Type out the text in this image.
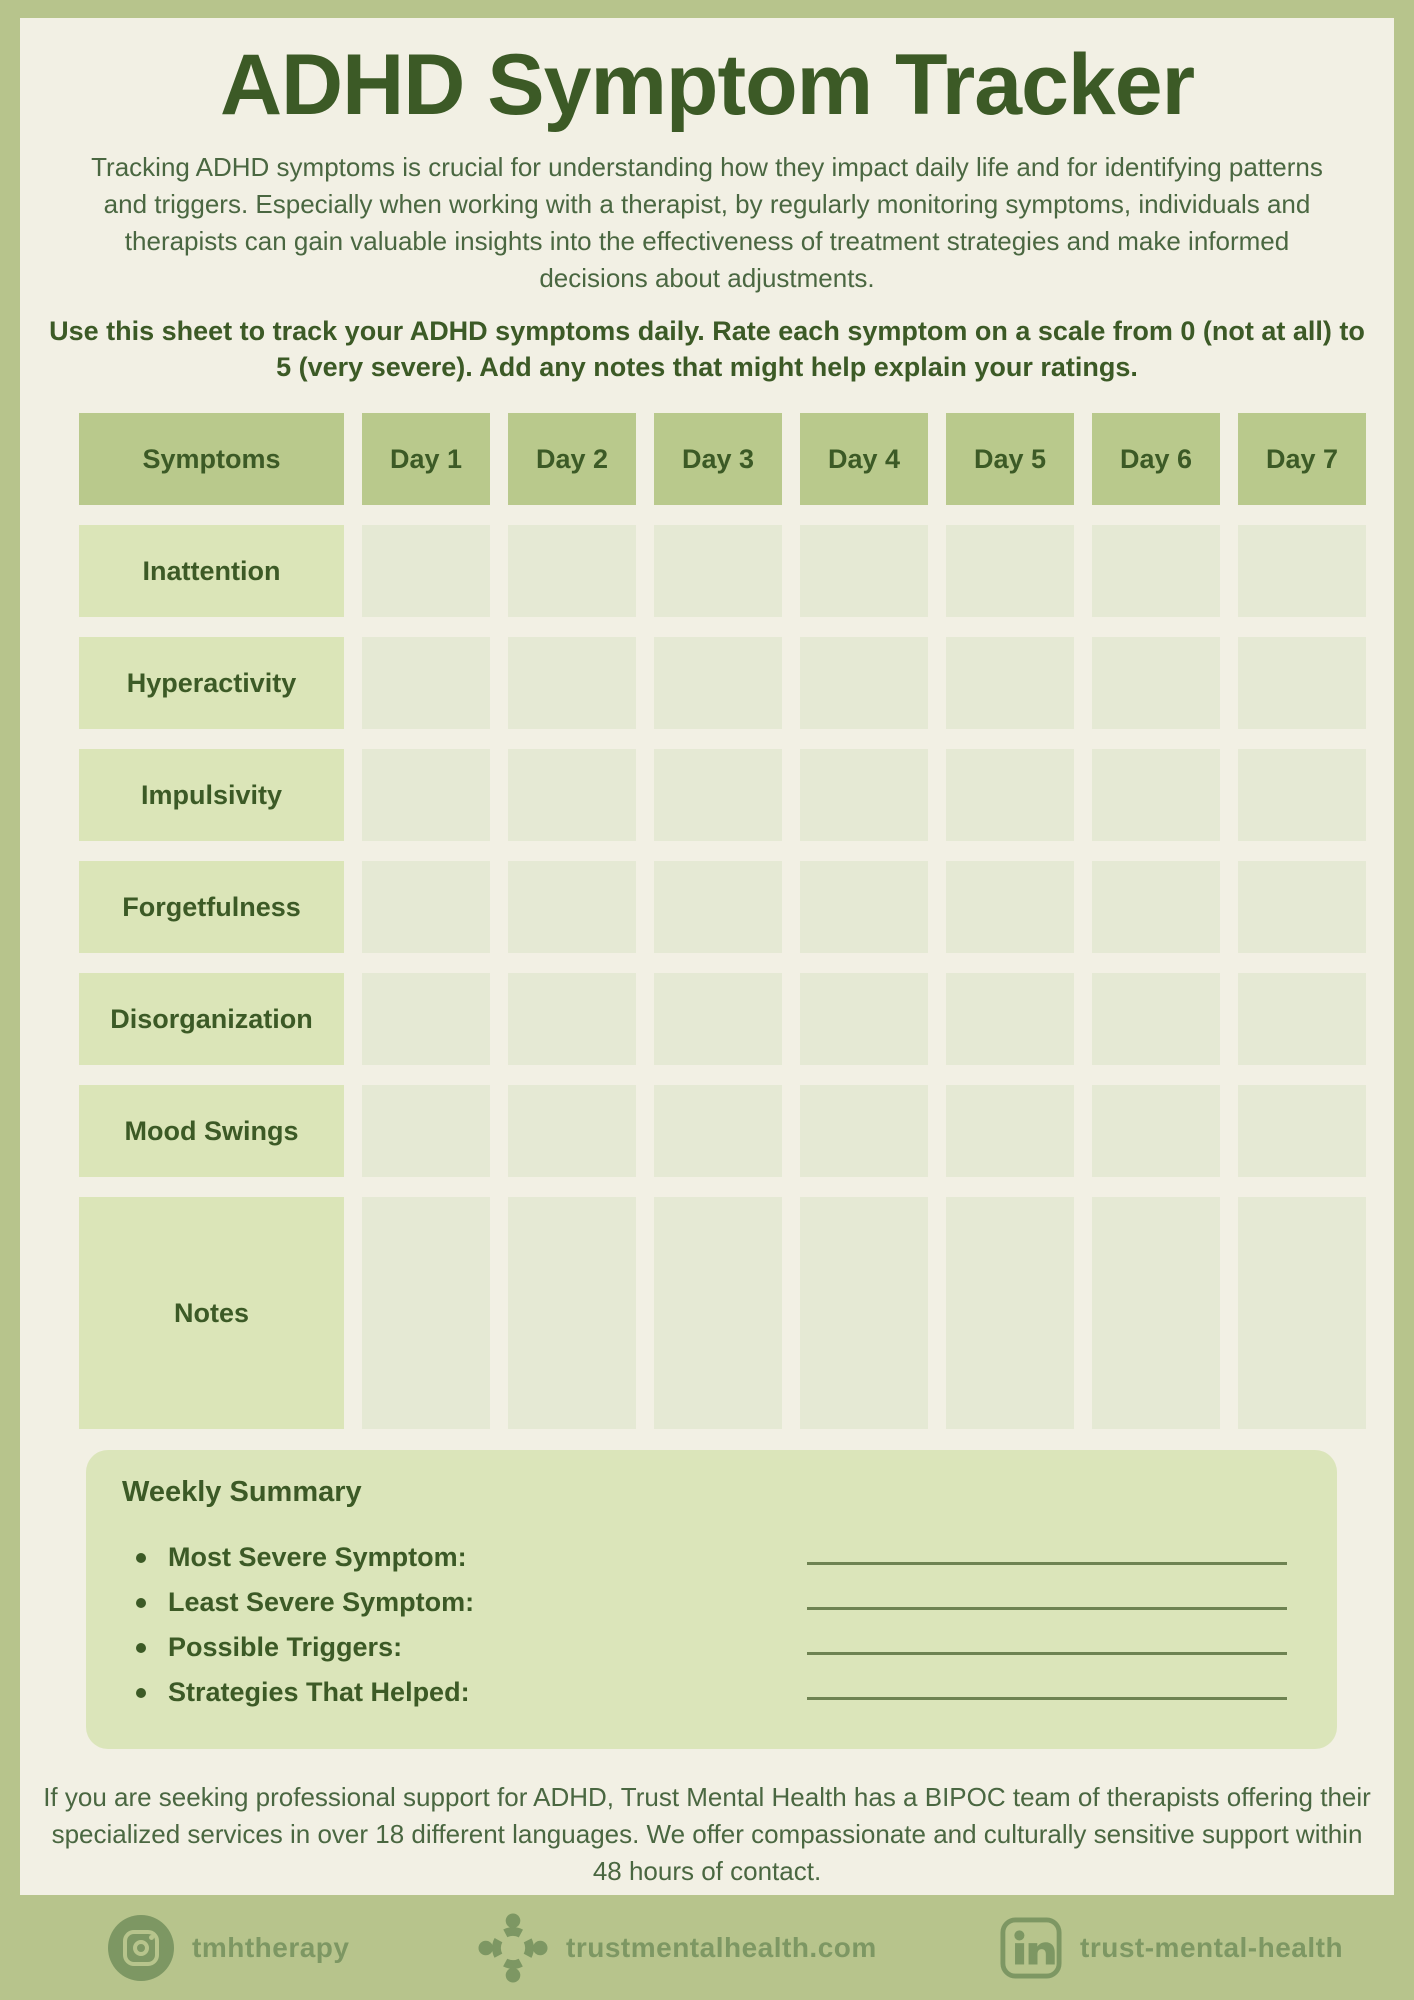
ADHD Symptom Tracker

Tracking ADHD symptoms is crucial for understanding how they impact daily life and for identifying patterns and triggers. Especially when working with a therapist, by regularly monitoring symptoms, individuals and therapists can gain valuable insights into the effectiveness of treatment strategies and make informed decisions about adjustments.

Use this sheet to track your ADHD symptoms daily. Rate each symptom on a scale from 0 (not at all) to 5 (very severe). Add any notes that might help explain your ratings.

Symptoms	Day 1	Day 2	Day 3	Day 4	Day 5	Day 6	Day 7
Inattention
Hyperactivity
Impulsivity
Forgetfulness
Disorganization
Mood Swings
Notes
Weekly Summary
Most Severe Symptom:
Least Severe Symptom:
Possible Triggers:
Strategies That Helped:

If you are seeking professional support for ADHD, Trust Mental Health has a BIPOC team of therapists offering their specialized services in over 18 different languages. We offer compassionate and culturally sensitive support within 48 hours of contact.

tmhtherapy	trustmentalhealth.com	trust-mental-health
